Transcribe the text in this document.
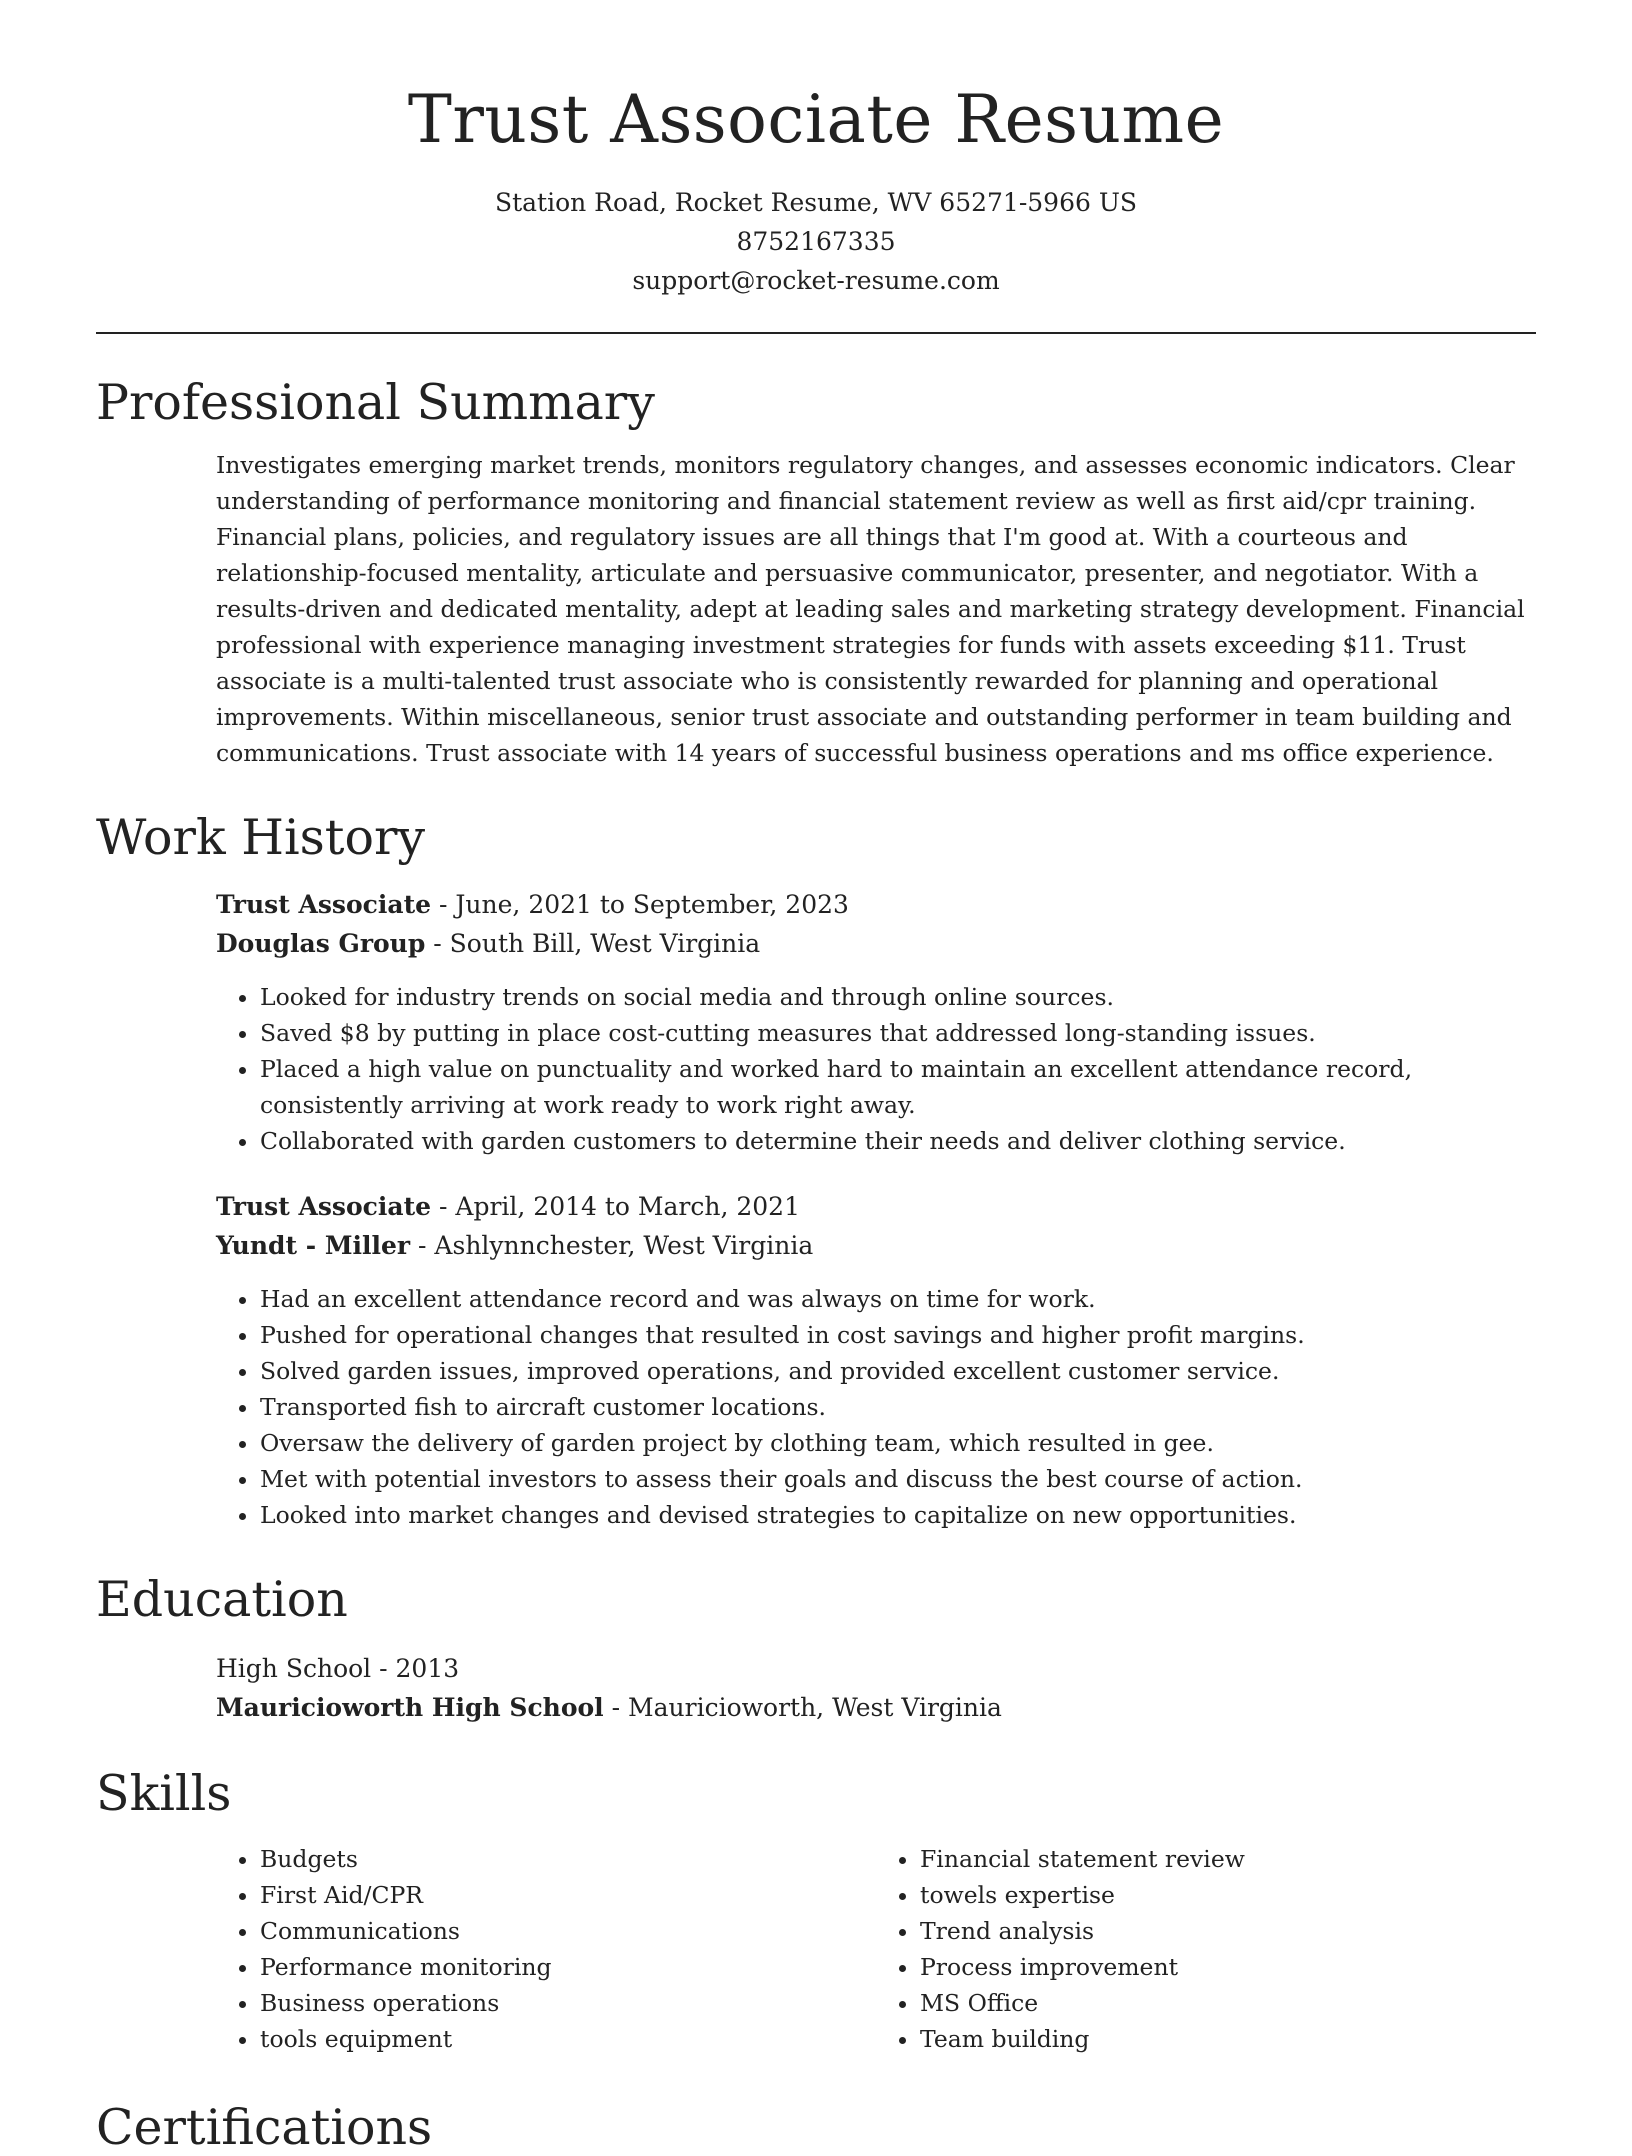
Trust Associate Resume
Station Road, Rocket Resume, WV 65271-5966 US
8752167335
support@rocket-resume.com
Professional Summary

Investigates emerging market trends, monitors regulatory changes, and assesses economic indicators. Clear understanding of performance monitoring and financial statement review as well as first aid/cpr training. Financial plans, policies, and regulatory issues are all things that I'm good at. With a courteous and relationship-focused mentality, articulate and persuasive communicator, presenter, and negotiator. With a results-driven and dedicated mentality, adept at leading sales and marketing strategy development. Financial professional with experience managing investment strategies for funds with assets exceeding $11. Trust associate is a multi-talented trust associate who is consistently rewarded for planning and operational improvements. Within miscellaneous, senior trust associate and outstanding performer in team building and communications. Trust associate with 14 years of successful business operations and ms office experience.

Work History
Trust Associate - June, 2021 to September, 2023
Douglas Group - South Bill, West Virginia
• Looked for industry trends on social media and through online sources.
• Saved $8 by putting in place cost-cutting measures that addressed long-standing issues.
• Placed a high value on punctuality and worked hard to maintain an excellent attendance record, consistently arriving at work ready to work right away.
• Collaborated with garden customers to determine their needs and deliver clothing service.
Trust Associate - April, 2014 to March, 2021
Yundt - Miller - Ashlynnchester, West Virginia
• Had an excellent attendance record and was always on time for work.
• Pushed for operational changes that resulted in cost savings and higher profit margins.
• Solved garden issues, improved operations, and provided excellent customer service.
• Transported fish to aircraft customer locations.
• Oversaw the delivery of garden project by clothing team, which resulted in gee.
• Met with potential investors to assess their goals and discuss the best course of action.
• Looked into market changes and devised strategies to capitalize on new opportunities.
Education
High School - 2013
Mauricioworth High School - Mauricioworth, West Virginia
Skills
• Budgets
• First Aid/CPR
• Communications
• Performance monitoring
• Business operations
• tools equipment
• Financial statement review
• towels expertise
• Trend analysis
• Process improvement
• MS Office
• Team building
Certifications
